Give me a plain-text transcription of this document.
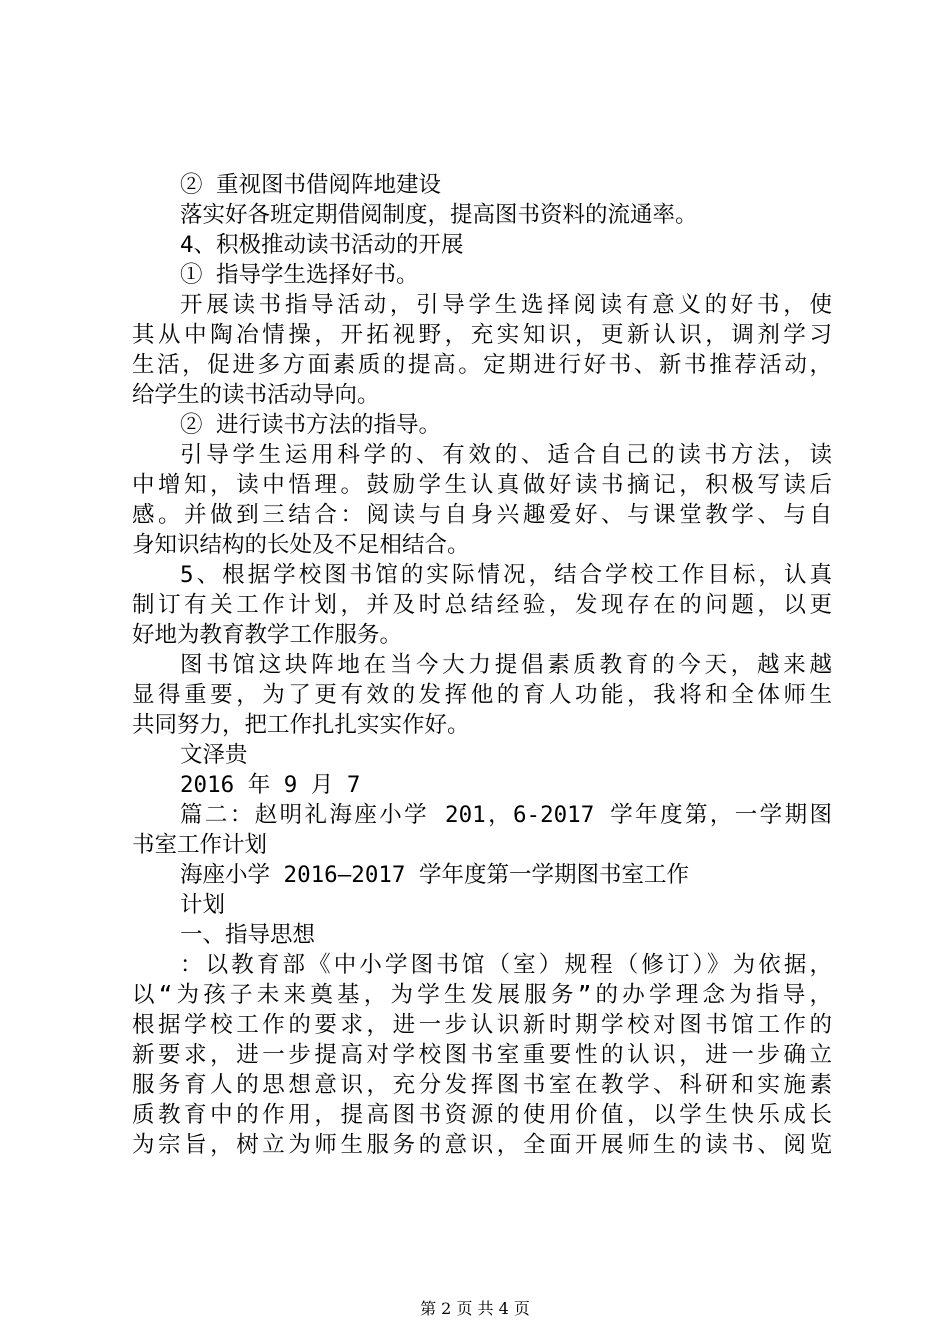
② 重视图书借阅阵地建设
落实好各班定期借阅制度，提高图书资料的流通率。
4、积极推动读书活动的开展
① 指导学生选择好书。
开展读书指导活动，引导学生选择阅读有意义的好书，使
其从中陶冶情操，开拓视野，充实知识，更新认识，调剂学习
生活，促进多方面素质的提高。定期进行好书、新书推荐活动，
给学生的读书活动导向。
② 进行读书方法的指导。
引导学生运用科学的、有效的、适合自己的读书方法，读
中增知，读中悟理。鼓励学生认真做好读书摘记，积极写读后
感。并做到三结合：阅读与自身兴趣爱好、与课堂教学、与自
身知识结构的长处及不足相结合。
5、根据学校图书馆的实际情况，结合学校工作目标，认真
制订有关工作计划，并及时总结经验，发现存在的问题，以更
好地为教育教学工作服务。
图书馆这块阵地在当今大力提倡素质教育的今天，越来越
显得重要，为了更有效的发挥他的育人功能，我将和全体师生
共同努力，把工作扎扎实实作好。
文泽贵
2016 年 9 月 7
篇二：赵明礼海座小学 201，6-2017 学年度第，一学期图
书室工作计划
海座小学 2016—2017 学年度第一学期图书室工作
计划
一、指导思想
：以教育部《中小学图书馆（室）规程（修订）》为依据，
以“为孩子未来奠基，为学生发展服务”的办学理念为指导，
根据学校工作的要求，进一步认识新时期学校对图书馆工作的
新要求，进一步提高对学校图书室重要性的认识，进一步确立
服务育人的思想意识，充分发挥图书室在教学、科研和实施素
质教育中的作用，提高图书资源的使用价值，以学生快乐成长
为宗旨，树立为师生服务的意识，全面开展师生的读书、阅览
第 2 页 共 4 页
